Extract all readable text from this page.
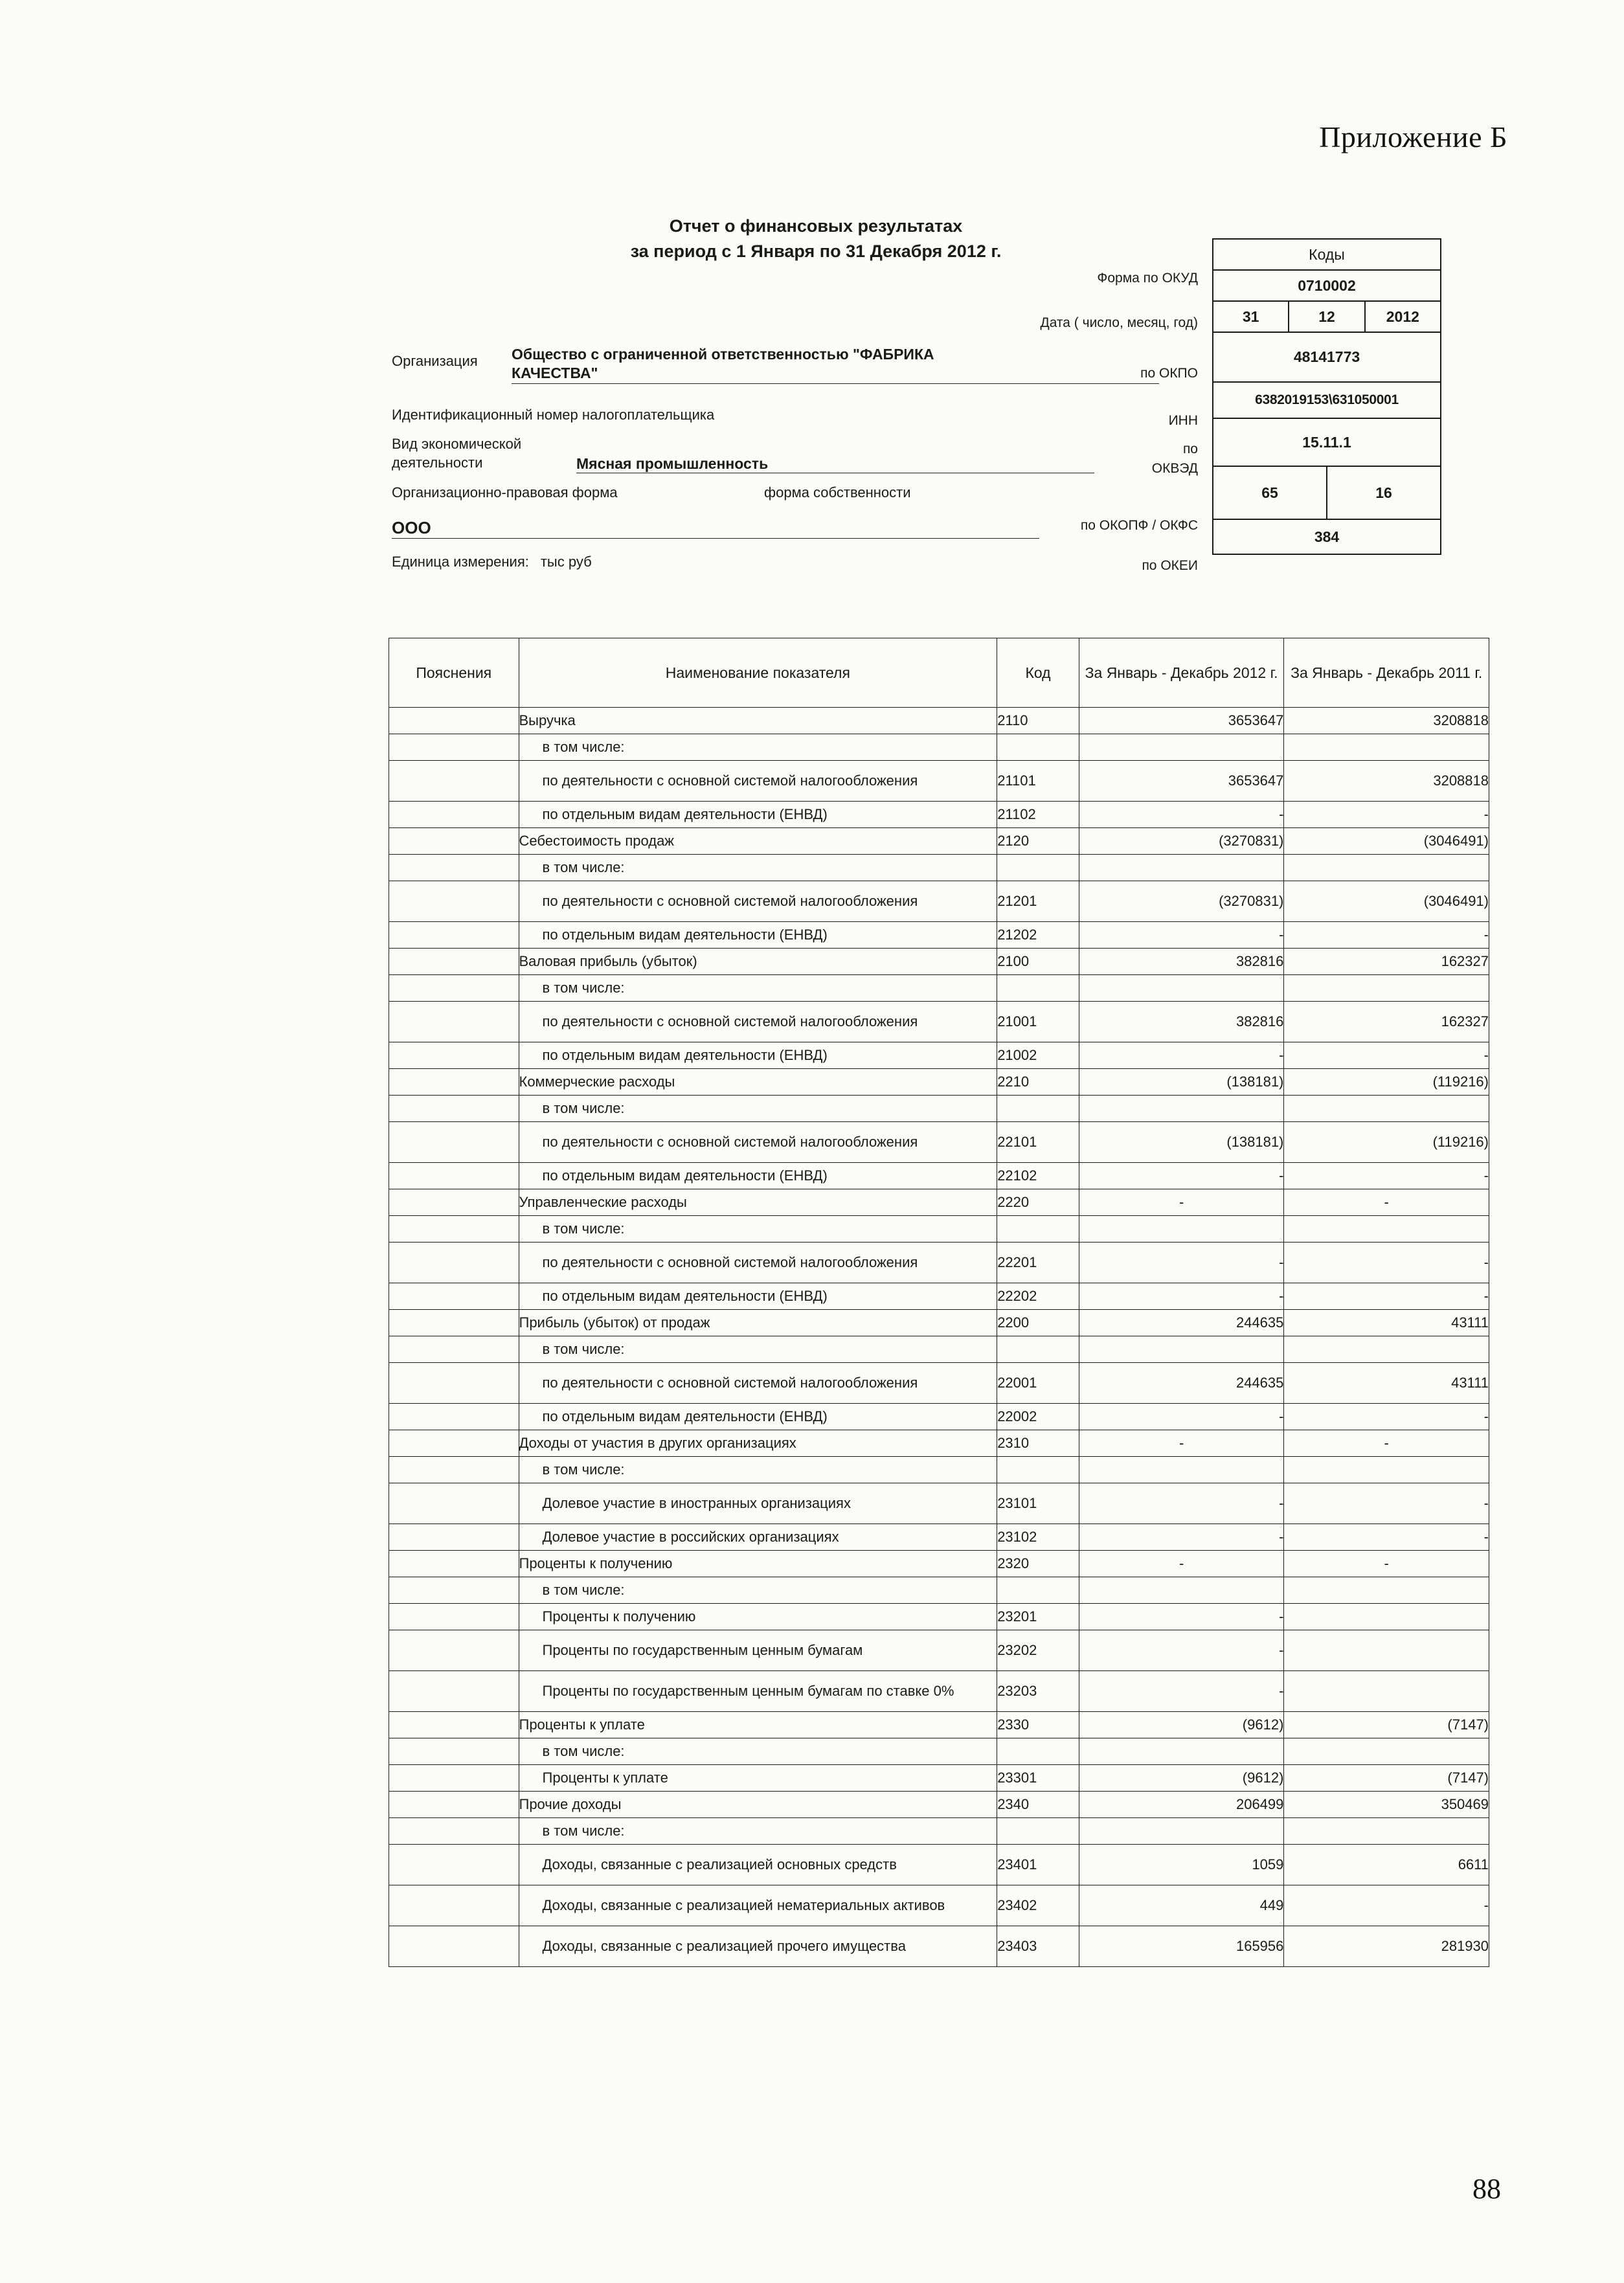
Приложение Б
Отчет о финансовых результатах
за период с 1 Января по 31 Декабря 2012 г.
Форма по ОКУД
Дата ( число, месяц, год)
по ОКПО
ИНН
по
ОКВЭД
по ОКОПФ / ОКФС
по ОКЕИ
Коды
0710002
31	12	2012
48141773
6382019153\631050001
15.11.1
65	16
384
Организация Общество с ограниченной ответственностью "ФАБРИКА
КАЧЕСТВА"
Идентификационный номер налогоплательщика
Вид экономической
деятельности	Мясная промышленность
Организационно-правовая форма	форма собственности
ООО
Единица измерения: тыс руб
Пояснения	Наименование показателя	Код	За Январь - Декабрь 2012 г.	За Январь - Декабрь 2011 г.
	Выручка	2110	3653647	3208818
	в том числе:			
	по деятельности с основной системой налогообложения	21101	3653647	3208818
	по отдельным видам деятельности (ЕНВД)	21102	-	-
	Себестоимость продаж	2120	(3270831)	(3046491)
	в том числе:			
	по деятельности с основной системой налогообложения	21201	(3270831)	(3046491)
	по отдельным видам деятельности (ЕНВД)	21202	-	-
	Валовая прибыль (убыток)	2100	382816	162327
	в том числе:			
	по деятельности с основной системой налогообложения	21001	382816	162327
	по отдельным видам деятельности (ЕНВД)	21002	-	-
	Коммерческие расходы	2210	(138181)	(119216)
	в том числе:			
	по деятельности с основной системой налогообложения	22101	(138181)	(119216)
	по отдельным видам деятельности (ЕНВД)	22102	-	-
	Управленческие расходы	2220	-	-
	в том числе:			
	по деятельности с основной системой налогообложения	22201	-	-
	по отдельным видам деятельности (ЕНВД)	22202	-	-
	Прибыль (убыток) от продаж	2200	244635	43111
	в том числе:			
	по деятельности с основной системой налогообложения	22001	244635	43111
	по отдельным видам деятельности (ЕНВД)	22002	-	-
	Доходы от участия в других организациях	2310	-	-
	в том числе:			
	Долевое участие в иностранных организациях	23101	-	-
	Долевое участие в российских организациях	23102	-	-
	Проценты к получению	2320	-	-
	в том числе:			
	Проценты к получению	23201	-	
	Проценты по государственным ценным бумагам	23202	-	
	Проценты по государственным ценным бумагам по ставке 0%	23203	-	
	Проценты к уплате	2330	(9612)	(7147)
	в том числе:			
	Проценты к уплате	23301	(9612)	(7147)
	Прочие доходы	2340	206499	350469
	в том числе:			
	Доходы, связанные с реализацией основных средств	23401	1059	6611
	Доходы, связанные с реализацией нематериальных активов	23402	449	-
	Доходы, связанные с реализацией прочего имущества	23403	165956	281930
88
